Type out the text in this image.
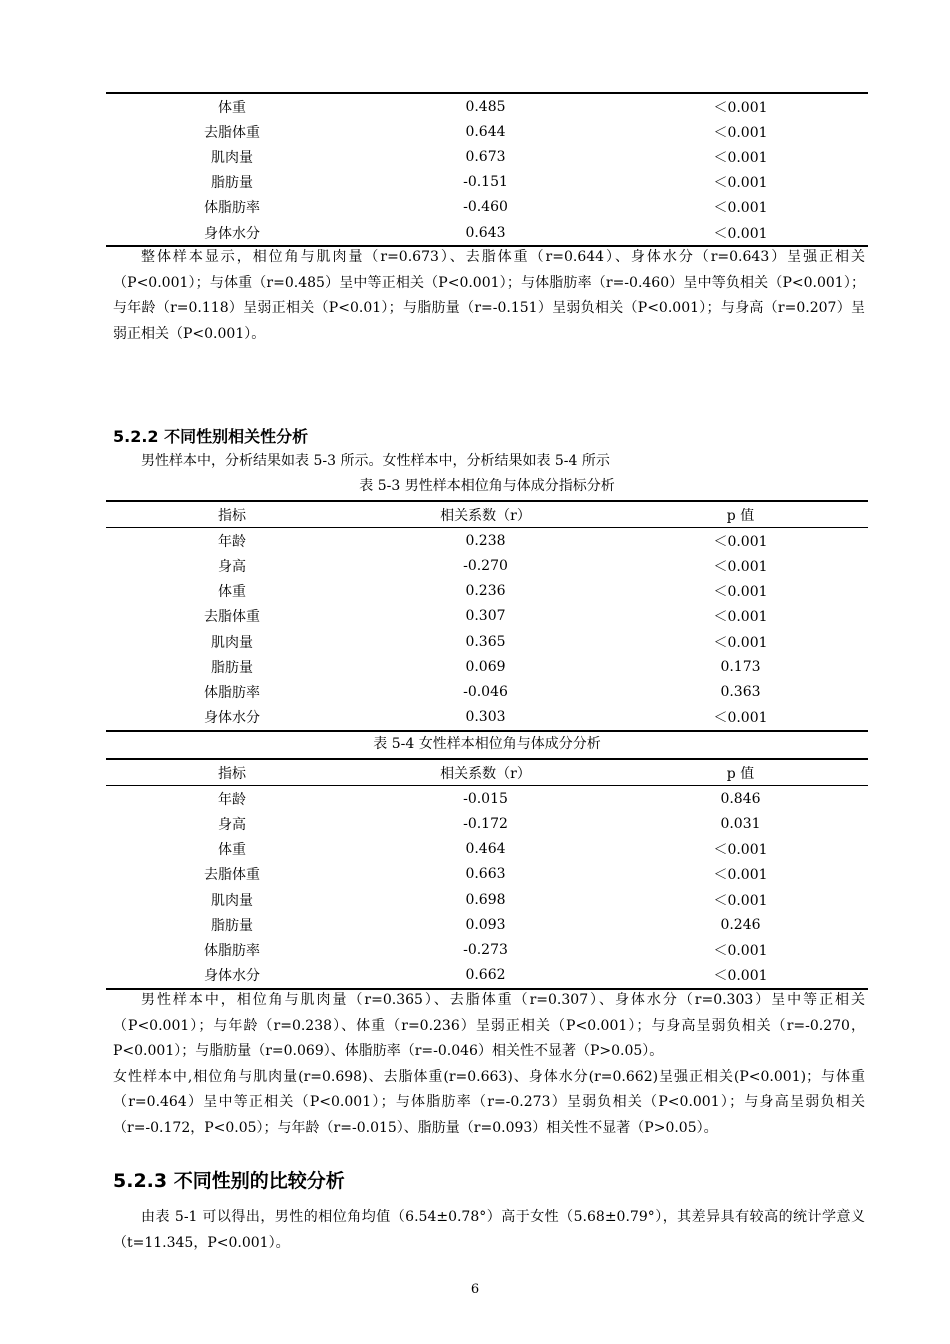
体重	0.485	＜0.001
去脂体重	0.644	＜0.001
肌肉量	0.673	＜0.001
脂肪量	-0.151	＜0.001
体脂肪率	-0.460	＜0.001
身体水分	0.643	＜0.001

整体样本显示，相位角与肌肉量（r=0.673）、去脂体重（r=0.644）、身体水分（r=0.643）呈强正相关（P<0.001）；与体重（r=0.485）呈中等正相关（P<0.001）；与体脂肪率（r=-0.460）呈中等负相关（P<0.001）；与年龄（r=0.118）呈弱正相关（P<0.01）；与脂肪量（r=-0.151）呈弱负相关（P<0.001）；与身高（r=0.207）呈弱正相关（P<0.001）。

5.2.2 不同性别相关性分析

男性样本中，分析结果如表 5-3 所示。女性样本中，分析结果如表 5-4 所示

表 5-3 男性样本相位角与体成分指标分析
指标	相关系数（r）	p 值
年龄	0.238	＜0.001
身高	-0.270	＜0.001
体重	0.236	＜0.001
去脂体重	0.307	＜0.001
肌肉量	0.365	＜0.001
脂肪量	0.069	0.173
体脂肪率	-0.046	0.363
身体水分	0.303	＜0.001
表 5-4 女性样本相位角与体成分分析
指标	相关系数（r）	p 值
年龄	-0.015	0.846
身高	-0.172	0.031
体重	0.464	＜0.001
去脂体重	0.663	＜0.001
肌肉量	0.698	＜0.001
脂肪量	0.093	0.246
体脂肪率	-0.273	＜0.001
身体水分	0.662	＜0.001

男性样本中，相位角与肌肉量（r=0.365）、去脂体重（r=0.307）、身体水分（r=0.303）呈中等正相关（P<0.001）；与年龄（r=0.238）、体重（r=0.236）呈弱正相关（P<0.001）；与身高呈弱负相关（r=-0.270，P<0.001）；与脂肪量（r=0.069）、体脂肪率（r=-0.046）相关性不显著（P>0.05）。

女性样本中,相位角与肌肉量(r=0.698)、去脂体重(r=0.663)、身体水分(r=0.662)呈强正相关(P<0.001)；与体重（r=0.464）呈中等正相关（P<0.001）；与体脂肪率（r=-0.273）呈弱负相关（P<0.001）；与身高呈弱负相关（r=-0.172，P<0.05）；与年龄（r=-0.015）、脂肪量（r=0.093）相关性不显著（P>0.05）。

5.2.3 不同性别的比较分析

由表 5-1 可以得出，男性的相位角均值（6.54±0.78°）高于女性（5.68±0.79°），其差异具有较高的统计学意义（t=11.345，P<0.001）。

6
